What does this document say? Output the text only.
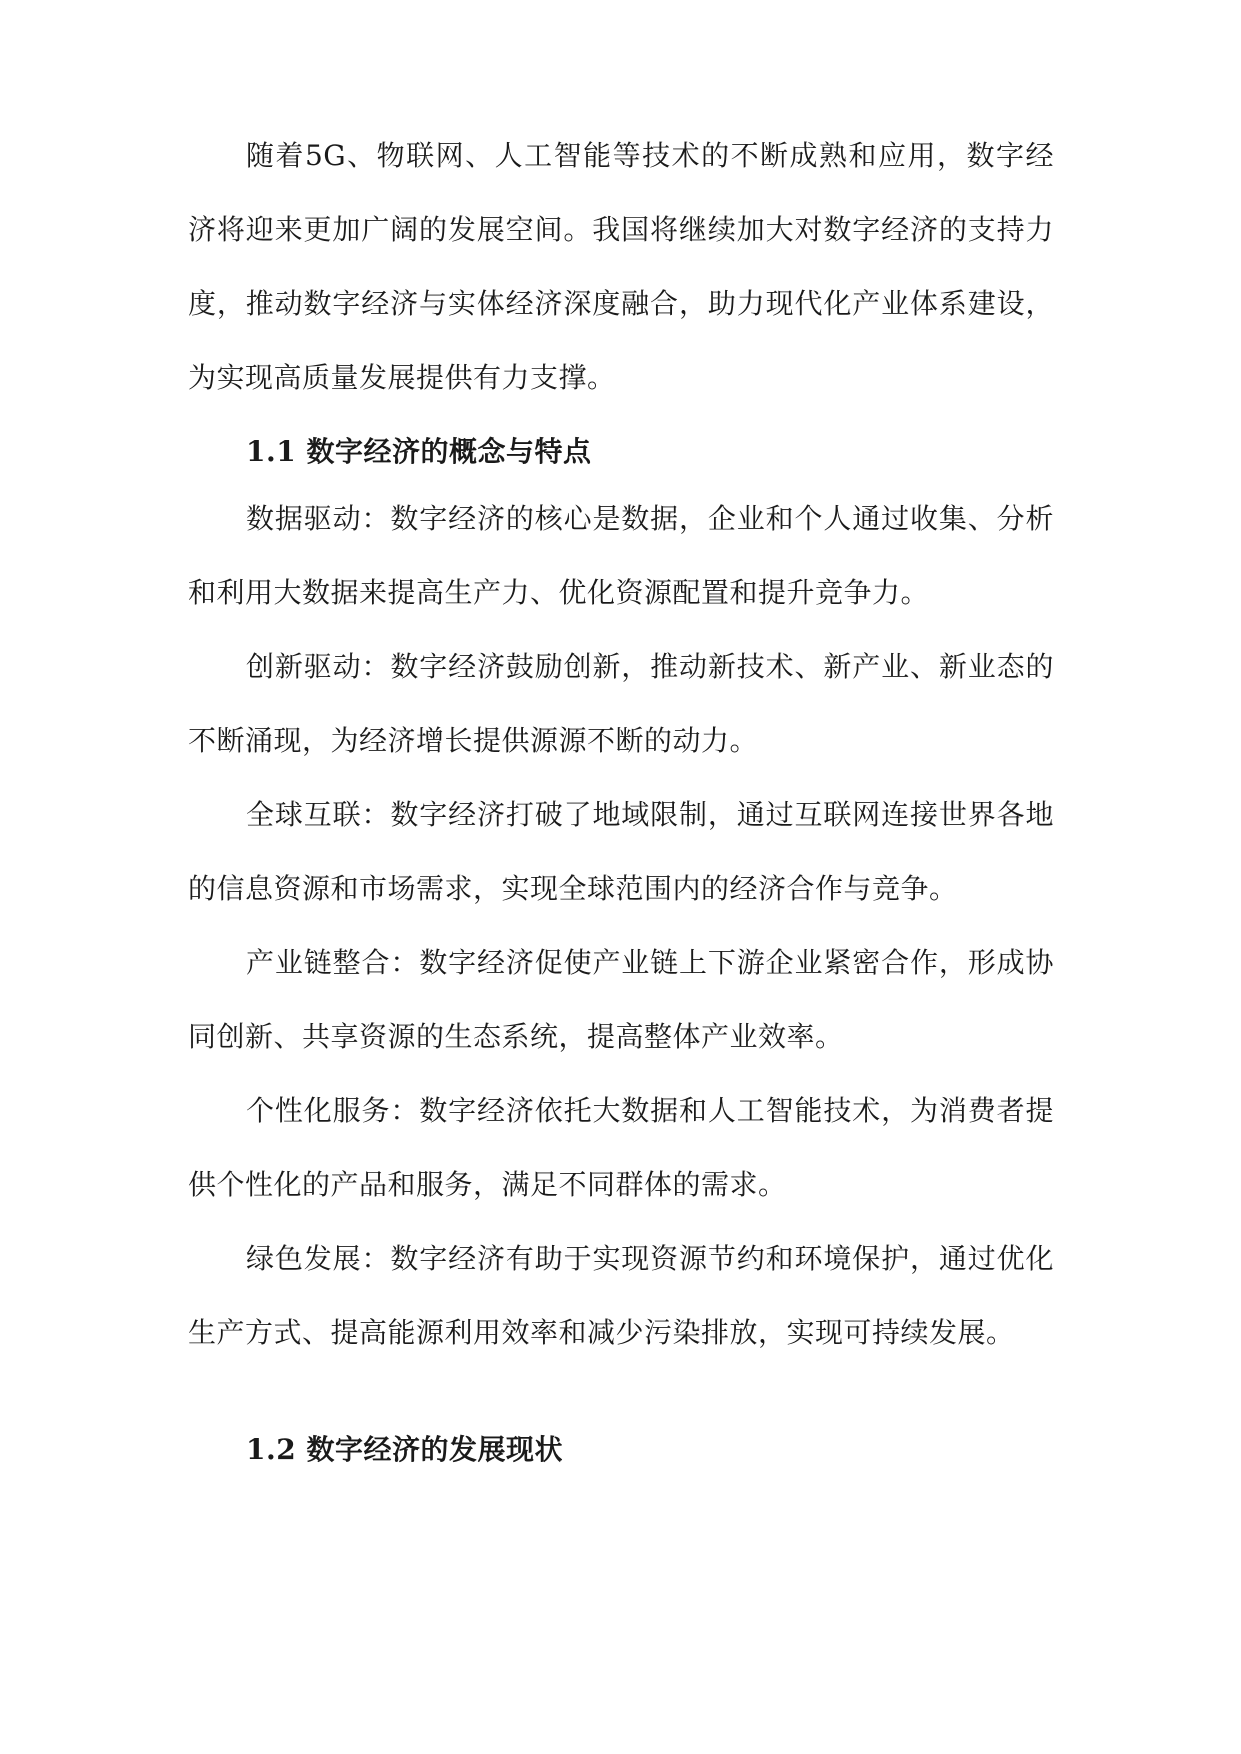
随着5G、物联网、人工智能等技术的不断成熟和应用，数字经济将迎来更加广阔的发展空间。我国将继续加大对数字经济的支持力度，推动数字经济与实体经济深度融合，助力现代化产业体系建设，为实现高质量发展提供有力支撑。

1.1 数字经济的概念与特点

数据驱动：数字经济的核心是数据，企业和个人通过收集、分析和利用大数据来提高生产力、优化资源配置和提升竞争力。

创新驱动：数字经济鼓励创新，推动新技术、新产业、新业态的不断涌现，为经济增长提供源源不断的动力。

全球互联：数字经济打破了地域限制，通过互联网连接世界各地的信息资源和市场需求，实现全球范围内的经济合作与竞争。

产业链整合：数字经济促使产业链上下游企业紧密合作，形成协同创新、共享资源的生态系统，提高整体产业效率。

个性化服务：数字经济依托大数据和人工智能技术，为消费者提供个性化的产品和服务，满足不同群体的需求。

绿色发展：数字经济有助于实现资源节约和环境保护，通过优化生产方式、提高能源利用效率和减少污染排放，实现可持续发展。

1.2 数字经济的发展现状
